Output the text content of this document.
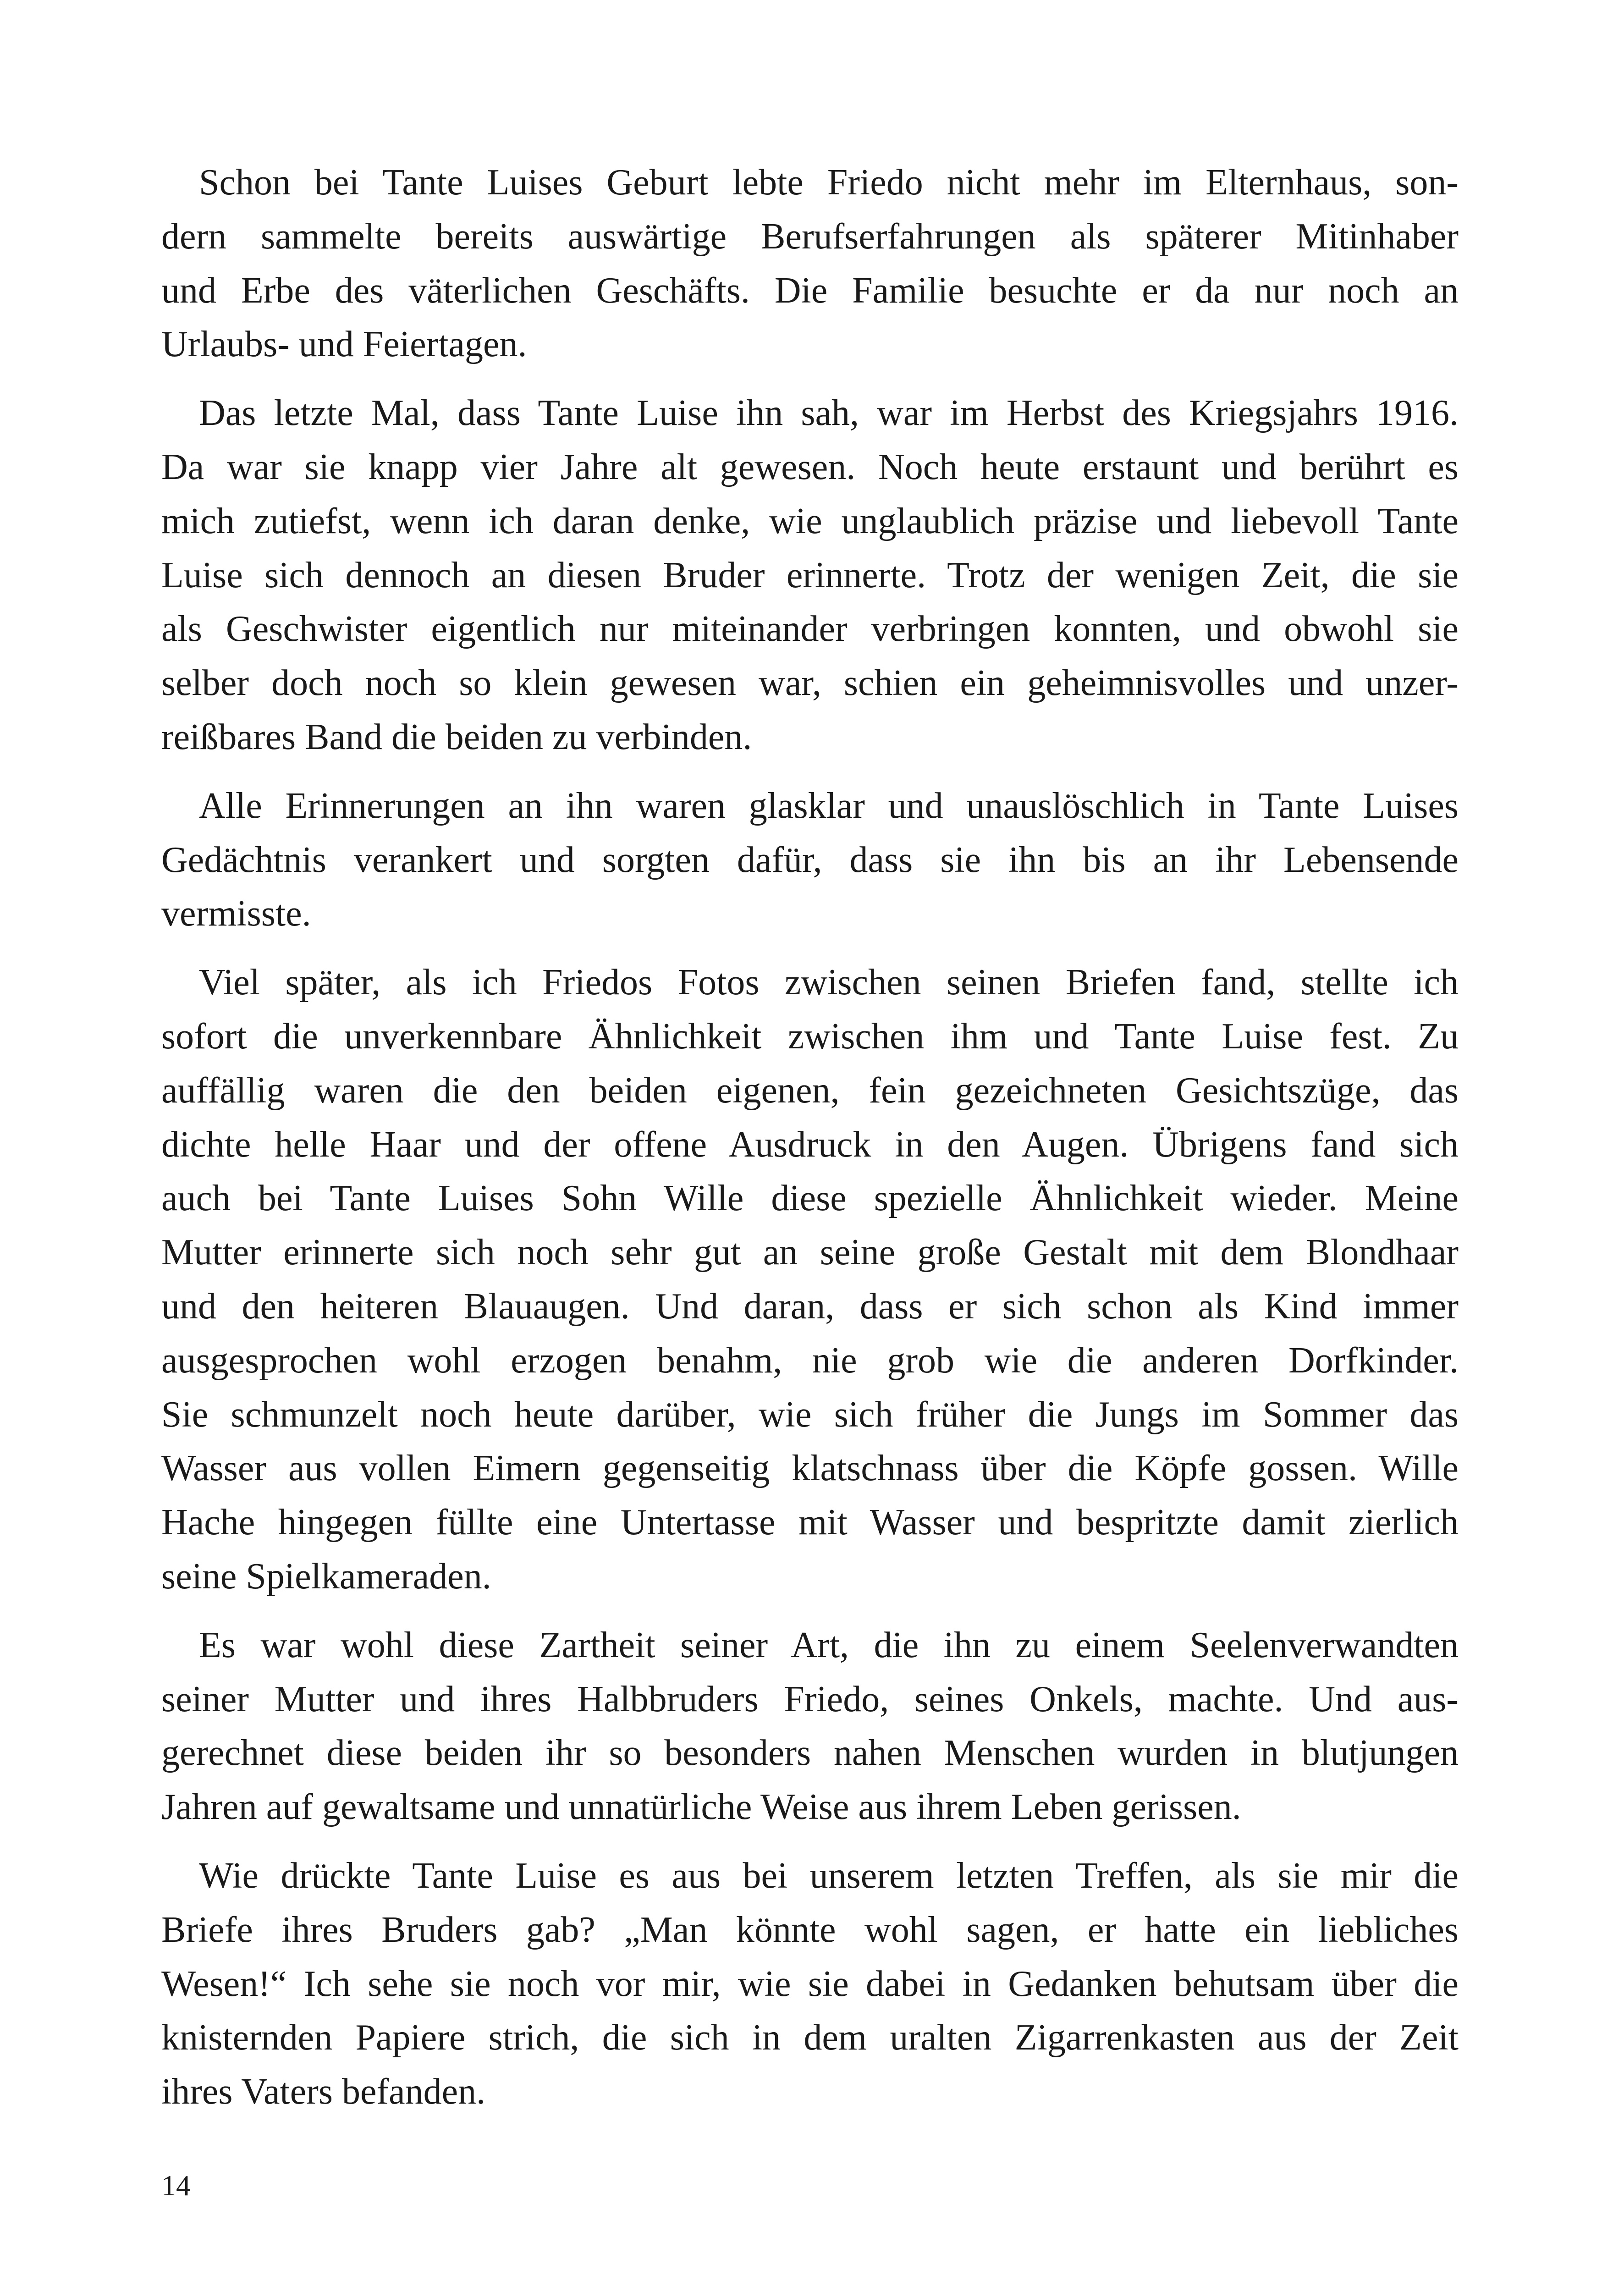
Schon bei Tante Luises Geburt lebte Friedo nicht mehr im Elternhaus, son-
dern sammelte bereits auswärtige Berufserfahrungen als späterer Mitinhaber
und Erbe des väterlichen Geschäfts. Die Familie besuchte er da nur noch an
Urlaubs- und Feiertagen.
Das letzte Mal, dass Tante Luise ihn sah, war im Herbst des Kriegsjahrs 1916.
Da war sie knapp vier Jahre alt gewesen. Noch heute erstaunt und berührt es
mich zutiefst, wenn ich daran denke, wie unglaublich präzise und liebevoll Tante
Luise sich dennoch an diesen Bruder erinnerte. Trotz der wenigen Zeit, die sie
als Geschwister eigentlich nur miteinander verbringen konnten, und obwohl sie
selber doch noch so klein gewesen war, schien ein geheimnisvolles und unzer-
reißbares Band die beiden zu verbinden.
Alle Erinnerungen an ihn waren glasklar und unauslöschlich in Tante Luises
Gedächtnis verankert und sorgten dafür, dass sie ihn bis an ihr Lebensende
vermisste.
Viel später, als ich Friedos Fotos zwischen seinen Briefen fand, stellte ich
sofort die unverkennbare Ähnlichkeit zwischen ihm und Tante Luise fest. Zu
auffällig waren die den beiden eigenen, fein gezeichneten Gesichtszüge, das
dichte helle Haar und der offene Ausdruck in den Augen. Übrigens fand sich
auch bei Tante Luises Sohn Wille diese spezielle Ähnlichkeit wieder. Meine
Mutter erinnerte sich noch sehr gut an seine große Gestalt mit dem Blondhaar
und den heiteren Blauaugen. Und daran, dass er sich schon als Kind immer
ausgesprochen wohl erzogen benahm, nie grob wie die anderen Dorfkinder.
Sie schmunzelt noch heute darüber, wie sich früher die Jungs im Sommer das
Wasser aus vollen Eimern gegenseitig klatschnass über die Köpfe gossen. Wille
Hache hingegen füllte eine Untertasse mit Wasser und bespritzte damit zierlich
seine Spielkameraden.
Es war wohl diese Zartheit seiner Art, die ihn zu einem Seelenverwandten
seiner Mutter und ihres Halbbruders Friedo, seines Onkels, machte. Und aus-
gerechnet diese beiden ihr so besonders nahen Menschen wurden in blutjungen
Jahren auf gewaltsame und unnatürliche Weise aus ihrem Leben gerissen.
Wie drückte Tante Luise es aus bei unserem letzten Treffen, als sie mir die
Briefe ihres Bruders gab? „Man könnte wohl sagen, er hatte ein liebliches
Wesen!“ Ich sehe sie noch vor mir, wie sie dabei in Gedanken behutsam über die
knisternden Papiere strich, die sich in dem uralten Zigarrenkasten aus der Zeit
ihres Vaters befanden.
14
